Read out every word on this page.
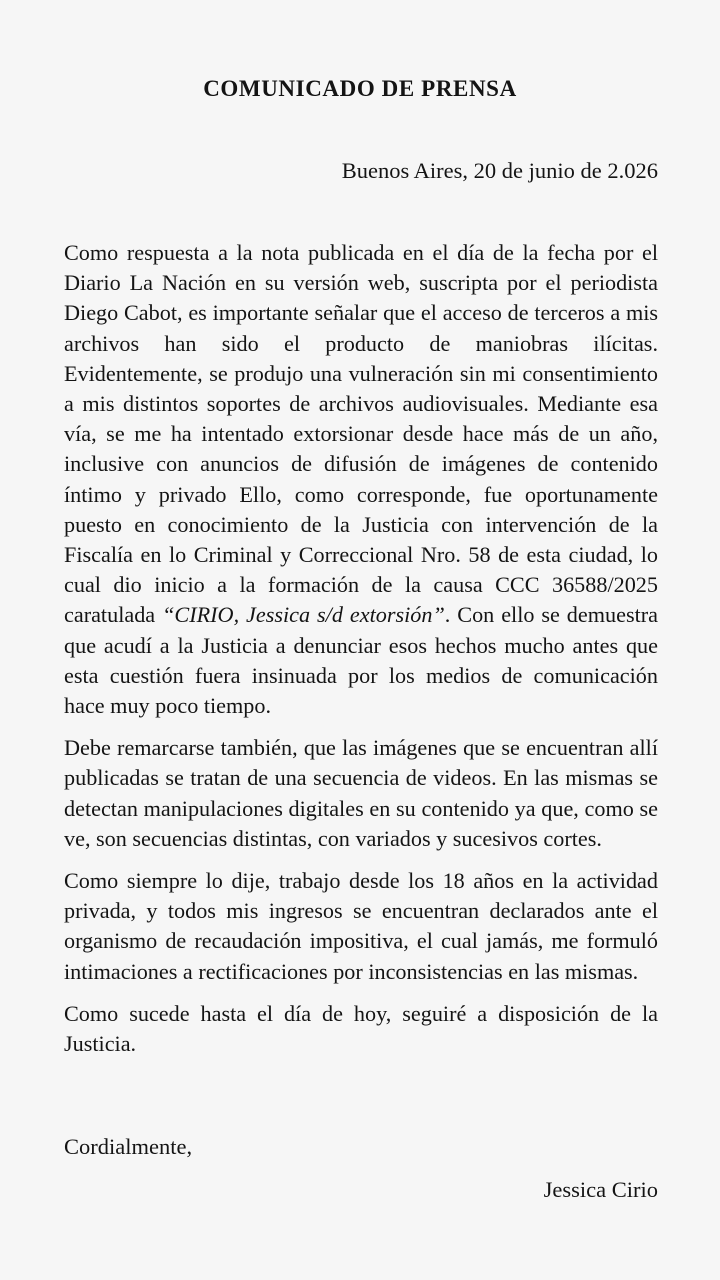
COMUNICADO DE PRENSA

Buenos Aires, 20 de junio de 2.026

Como respuesta a la nota publicada en el día de la fecha por el Diario La Nación en su versión web, suscripta por el periodista Diego Cabot, es importante señalar que el acceso de terceros a mis archivos han sido el producto de maniobras ilícitas. Evidentemente, se produjo una vulneración sin mi consentimiento a mis distintos soportes de archivos audiovisuales. Mediante esa vía, se me ha intentado extorsionar desde hace más de un año, inclusive con anuncios de difusión de imágenes de contenido íntimo y privado Ello, como corresponde, fue oportunamente puesto en conocimiento de la Justicia con intervención de la Fiscalía en lo Criminal y Correccional Nro. 58 de esta ciudad, lo cual dio inicio a la formación de la causa CCC 36588/2025 caratulada “CIRIO, Jessica s/d extorsión”. Con ello se demuestra que acudí a la Justicia a denunciar esos hechos mucho antes que esta cuestión fuera insinuada por los medios de comunicación hace muy poco tiempo.

Debe remarcarse también, que las imágenes que se encuentran allí publicadas se tratan de una secuencia de videos. En las mismas se detectan manipulaciones digitales en su contenido ya que, como se ve, son secuencias distintas, con variados y sucesivos cortes.

Como siempre lo dije, trabajo desde los 18 años en la actividad privada, y todos mis ingresos se encuentran declarados ante el organismo de recaudación impositiva, el cual jamás, me formuló intimaciones a rectificaciones por inconsistencias en las mismas.

Como sucede hasta el día de hoy, seguiré a disposición de la Justicia.

Cordialmente,

Jessica Cirio
